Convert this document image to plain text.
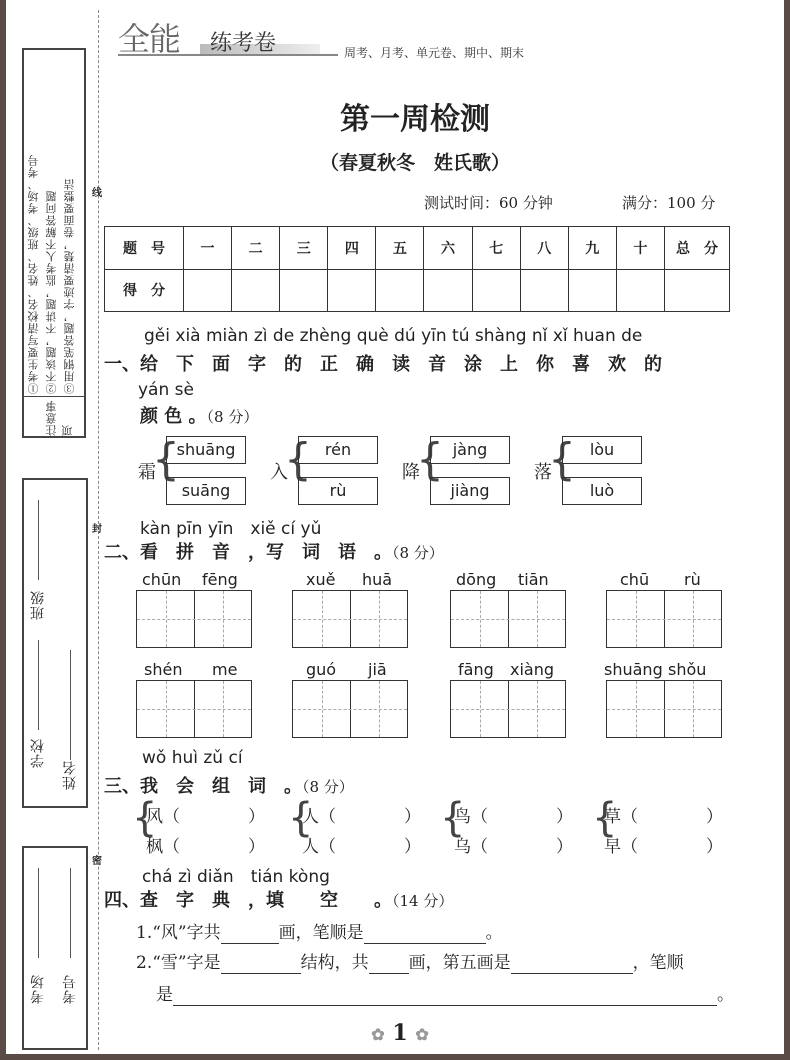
①考生要写清校名、姓名、班级、考场、考号 ②不该题，不讲题，监考人不解答问题 ③用钢笔答题，字迹要清楚，卷面要整洁
注意事项
班级
学校
姓名
考场 考号
线
封
密
全能 练考卷	周考、月考、单元卷、期中、期末
第一周检测
（春夏秋冬　姓氏歌）
测试时间：60 分钟	满分：100 分
题　号	一	二	三	四	五	六	七	八	九	十	总　分
得　分											
gěi xià miàn zì de zhèng què dú yīn tú shàng nǐ xǐ huan de
一、给　下　面　字　的　正　确　读　音　涂　上　你　喜　欢　的
yán sè
颜 色 。（8 分）
霜
{
shuāng
suāng
入
{ rén
rù
降
{ jàng
jiàng
落
{ lòu
luò
kàn pīn yīn　xiě cí yǔ
二、看　拼　音　，写　词　语　。（8 分）
chūn fēng	xuě huā	dōng tiān	chū rù
shén me	guó jiā	fāng xiàng	shuāng shǒu
wǒ huì zǔ cí
三、我　会　组　词　。（8 分）
{
风（　　　　）
枫（　　　　）
{
人（　　　　）
人（　　　　）
{
鸟（　　　　）
乌（　　　　）
{
草（　　　　）
早（　　　　）
chá zì diǎn　tián kòng
四、查　字　典　，填　　空　　。（14 分）
1.“风”字共	画，笔顺是	。
2.“雪”字是	结构，共 画，第五画是	，笔顺
是	。
✿ 1 ✿
